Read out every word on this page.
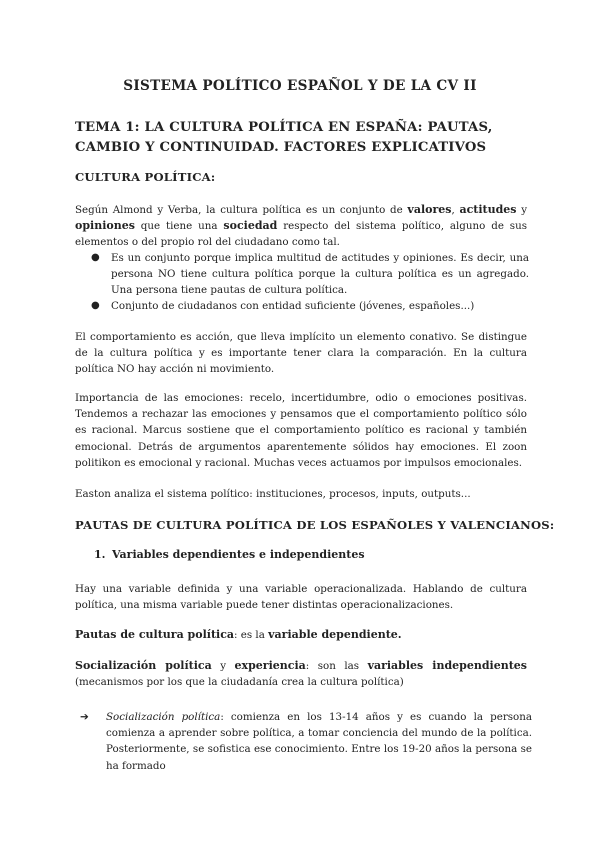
SISTEMA POLÍTICO ESPAÑOL Y DE LA CV II
TEMA 1: LA CULTURA POLÍTICA EN ESPAÑA: PAUTAS, CAMBIO Y CONTINUIDAD. FACTORES EXPLICATIVOS
CULTURA POLÍTICA:
Según Almond y Verba, la cultura política es un conjunto de valores, actitudes y opiniones que tiene una sociedad respecto del sistema político, alguno de sus elementos o del propio rol del ciudadano como tal.
● Es un conjunto porque implica multitud de actitudes y opiniones. Es decir, una persona NO tiene cultura política porque la cultura política es un agregado. Una persona tiene pautas de cultura política.
● Conjunto de ciudadanos con entidad suficiente (jóvenes, españoles...)
El comportamiento es acción, que lleva implícito un elemento conativo. Se distingue de la cultura política y es importante tener clara la comparación. En la cultura política NO hay acción ni movimiento.
Importancia de las emociones: recelo, incertidumbre, odio o emociones positivas. Tendemos a rechazar las emociones y pensamos que el comportamiento político sólo es racional. Marcus sostiene que el comportamiento político es racional y también emocional. Detrás de argumentos aparentemente sólidos hay emociones. El zoon politikon es emocional y racional. Muchas veces actuamos por impulsos emocionales.
Easton analiza el sistema político: instituciones, procesos, inputs, outputs...
PAUTAS DE CULTURA POLÍTICA DE LOS ESPAÑOLES Y VALENCIANOS:
1. Variables dependientes e independientes
Hay una variable definida y una variable operacionalizada. Hablando de cultura política, una misma variable puede tener distintas operacionalizaciones.
Pautas de cultura política: es la variable dependiente.
Socialización política y experiencia: son las variables independientes (mecanismos por los que la ciudadanía crea la cultura política)
➔ Socialización política: comienza en los 13-14 años y es cuando la persona comienza a aprender sobre política, a tomar conciencia del mundo de la política. Posteriormente, se sofistica ese conocimiento. Entre los 19-20 años la persona se ha formado
